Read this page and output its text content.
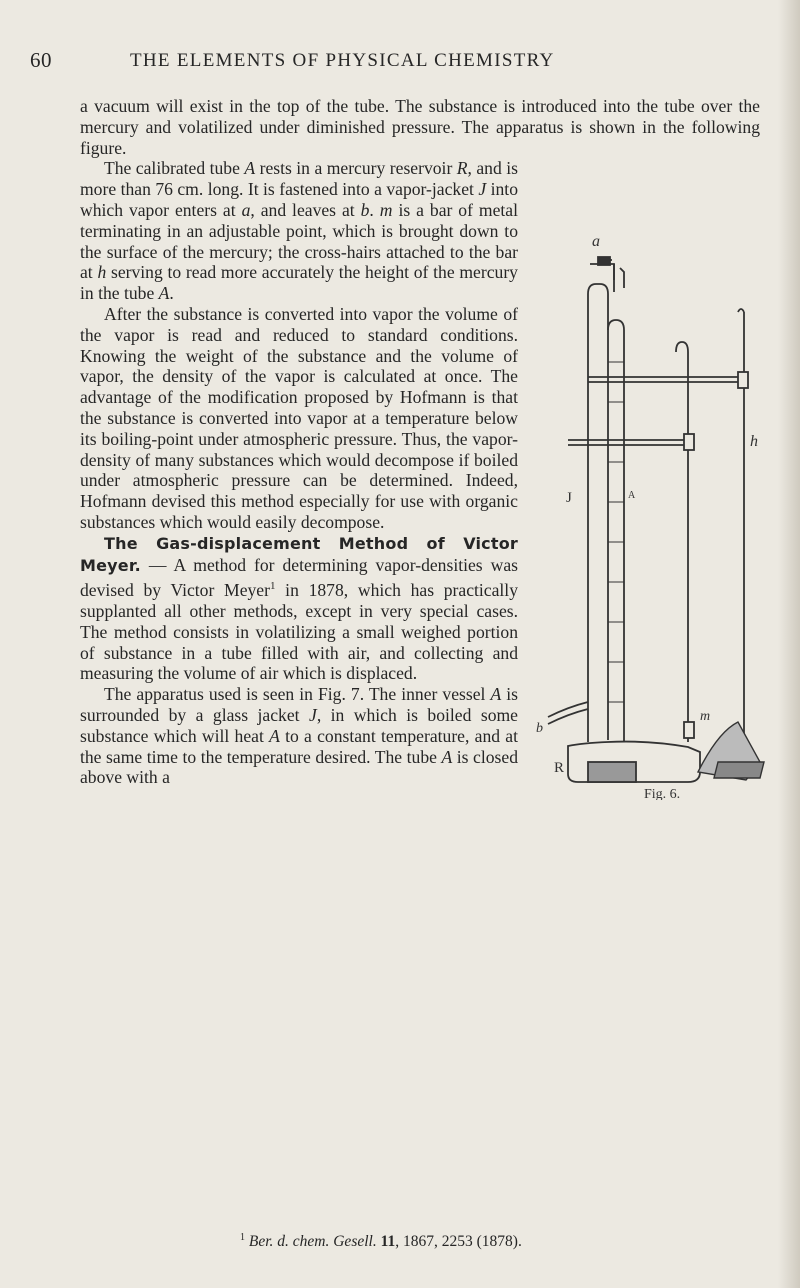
60	THE ELEMENTS OF PHYSICAL CHEMISTRY

a vacuum will exist in the top of the tube. The substance is introduced into the tube over the mercury and volatilized under diminished pressure. The apparatus is shown in the following figure.

a
h
J	A
b
m
R
Fig. 6.

The calibrated tube A rests in a mercury reservoir R, and is more than 76 cm. long. It is fastened into a vapor-jacket J into which vapor enters at a, and leaves at b. m is a bar of metal terminating in an adjustable point, which is brought down to the surface of the mercury; the cross-hairs attached to the bar at h serving to read more accurately the height of the mercury in the tube A.

After the substance is converted into vapor the volume of the vapor is read and reduced to standard conditions. Knowing the weight of the substance and the volume of vapor, the density of the vapor is calculated at once. The advantage of the modification proposed by Hofmann is that the substance is converted into vapor at a temperature below its boiling-point under atmospheric pressure. Thus, the vapor-density of many substances which would decompose if boiled under atmospheric pressure can be determined. Indeed, Hofmann devised this method especially for use with organic substances which would easily decompose.

The Gas-displacement Method of Victor Meyer. — A method for determining vapor-densities was devised by Victor Meyer$^1$ in 1878, which has practically supplanted all other methods, except in very special cases. The method consists in volatilizing a small weighed portion of substance in a tube filled with air, and collecting and measuring the volume of air which is displaced.

The apparatus used is seen in Fig. 7. The inner vessel A is surrounded by a glass jacket J, in which is boiled some substance which will heat A to a constant temperature, and at the same time to the temperature desired. The tube A is closed above with a

$^1$ Ber. d. chem. Gesell. 11, 1867, 2253 (1878).
